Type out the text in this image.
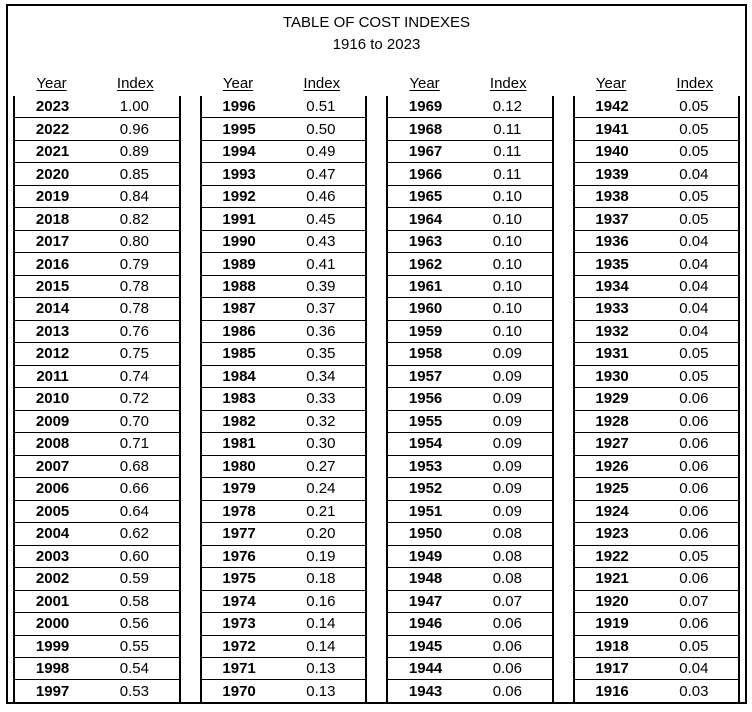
TABLE OF COST INDEXES
1916 to 2023
Year	Index
2023	1.00
2022	0.96
2021	0.89
2020	0.85
2019	0.84
2018	0.82
2017	0.80
2016	0.79
2015	0.78
2014	0.78
2013	0.76
2012	0.75
2011	0.74
2010	0.72
2009	0.70
2008	0.71
2007	0.68
2006	0.66
2005	0.64
2004	0.62
2003	0.60
2002	0.59
2001	0.58
2000	0.56
1999	0.55
1998	0.54
1997	0.53
Year	Index
1996	0.51
1995	0.50
1994	0.49
1993	0.47
1992	0.46
1991	0.45
1990	0.43
1989	0.41
1988	0.39
1987	0.37
1986	0.36
1985	0.35
1984	0.34
1983	0.33
1982	0.32
1981	0.30
1980	0.27
1979	0.24
1978	0.21
1977	0.20
1976	0.19
1975	0.18
1974	0.16
1973	0.14
1972	0.14
1971	0.13
1970	0.13
Year	Index
1969	0.12
1968	0.11
1967	0.11
1966	0.11
1965	0.10
1964	0.10
1963	0.10
1962	0.10
1961	0.10
1960	0.10
1959	0.10
1958	0.09
1957	0.09
1956	0.09
1955	0.09
1954	0.09
1953	0.09
1952	0.09
1951	0.09
1950	0.08
1949	0.08
1948	0.08
1947	0.07
1946	0.06
1945	0.06
1944	0.06
1943	0.06
Year	Index
1942	0.05
1941	0.05
1940	0.05
1939	0.04
1938	0.05
1937	0.05
1936	0.04
1935	0.04
1934	0.04
1933	0.04
1932	0.04
1931	0.05
1930	0.05
1929	0.06
1928	0.06
1927	0.06
1926	0.06
1925	0.06
1924	0.06
1923	0.06
1922	0.05
1921	0.06
1920	0.07
1919	0.06
1918	0.05
1917	0.04
1916	0.03
